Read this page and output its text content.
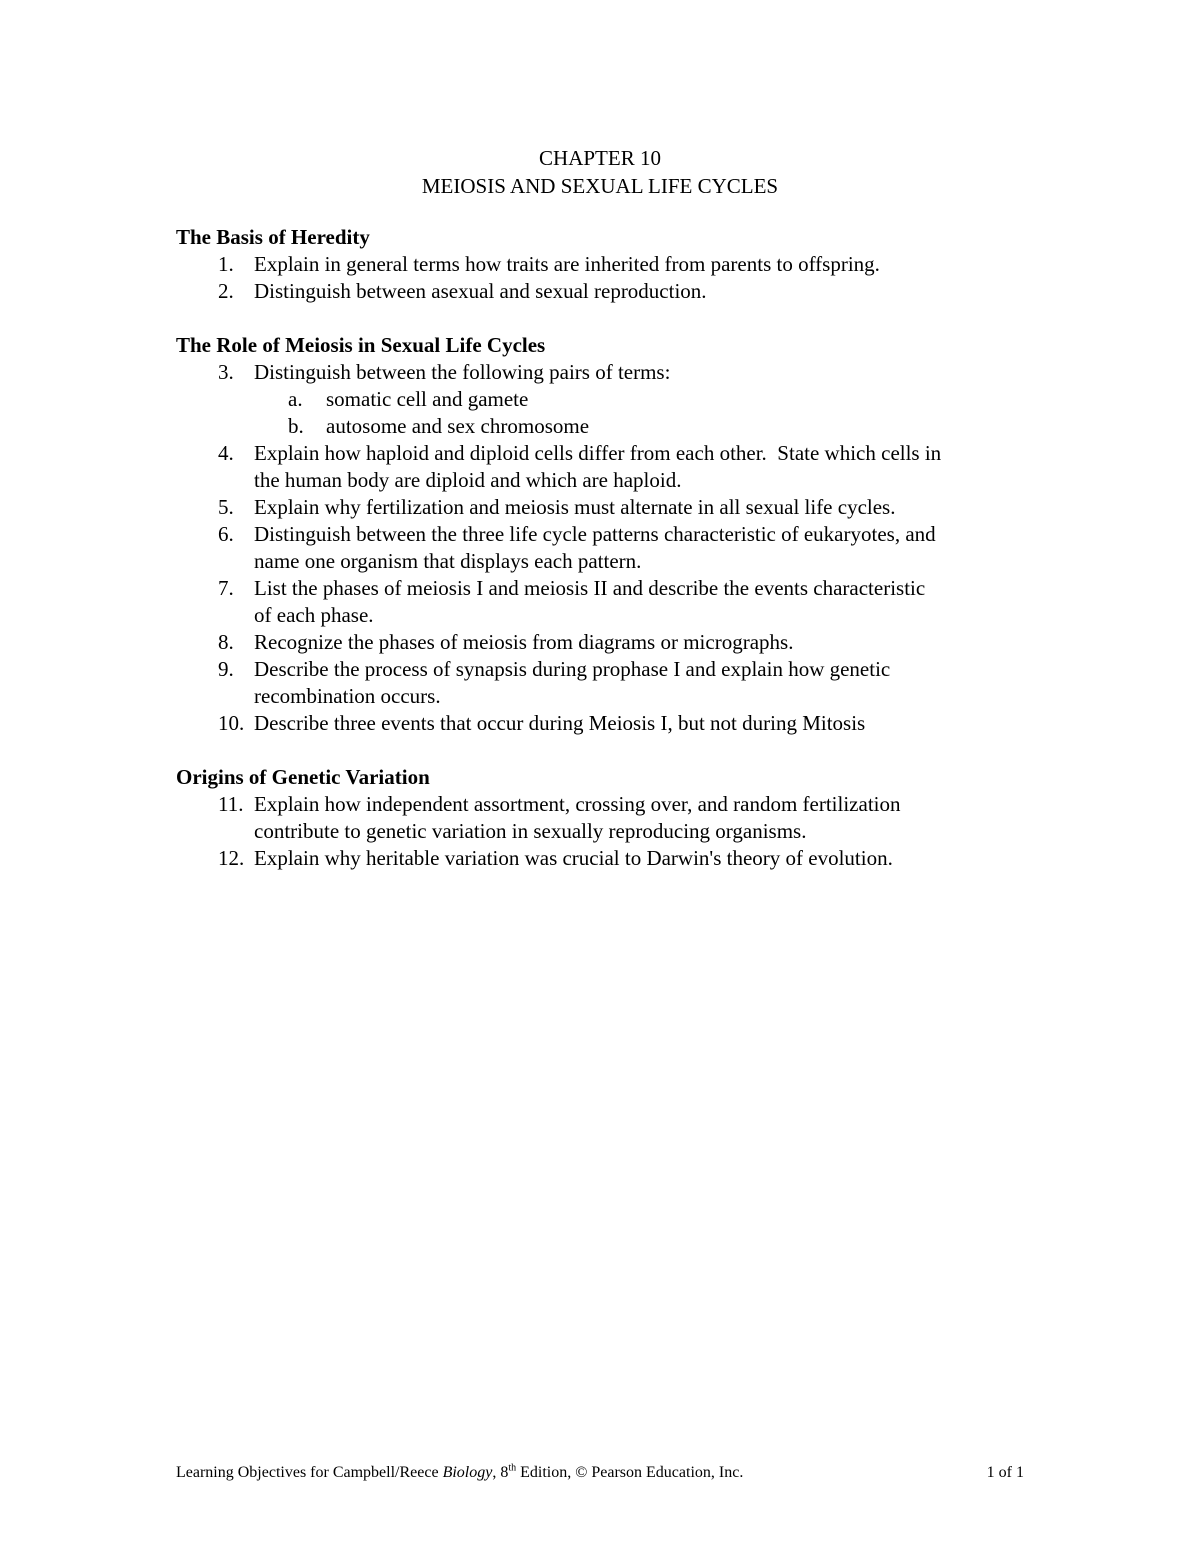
CHAPTER 10
MEIOSIS AND SEXUAL LIFE CYCLES

The Basis of Heredity

1. Explain in general terms how traits are inherited from parents to offspring.
2. Distinguish between asexual and sexual reproduction.

The Role of Meiosis in Sexual Life Cycles

3. Distinguish between the following pairs of terms:
a. somatic cell and gamete
b. autosome and sex chromosome
4. Explain how haploid and diploid cells differ from each other.  State which cells in
the human body are diploid and which are haploid.
5. Explain why fertilization and meiosis must alternate in all sexual life cycles.
6. Distinguish between the three life cycle patterns characteristic of eukaryotes, and
name one organism that displays each pattern.
7. List the phases of meiosis I and meiosis II and describe the events characteristic
of each phase.
8. Recognize the phases of meiosis from diagrams or micrographs.
9. Describe the process of synapsis during prophase I and explain how genetic
recombination occurs.
10. Describe three events that occur during Meiosis I, but not during Mitosis

Origins of Genetic Variation

11. Explain how independent assortment, crossing over, and random fertilization
contribute to genetic variation in sexually reproducing organisms.
12. Explain why heritable variation was crucial to Darwin's theory of evolution.
Learning Objectives for Campbell/Reece Biology, 8th Edition, © Pearson Education, Inc.	1 of 1
